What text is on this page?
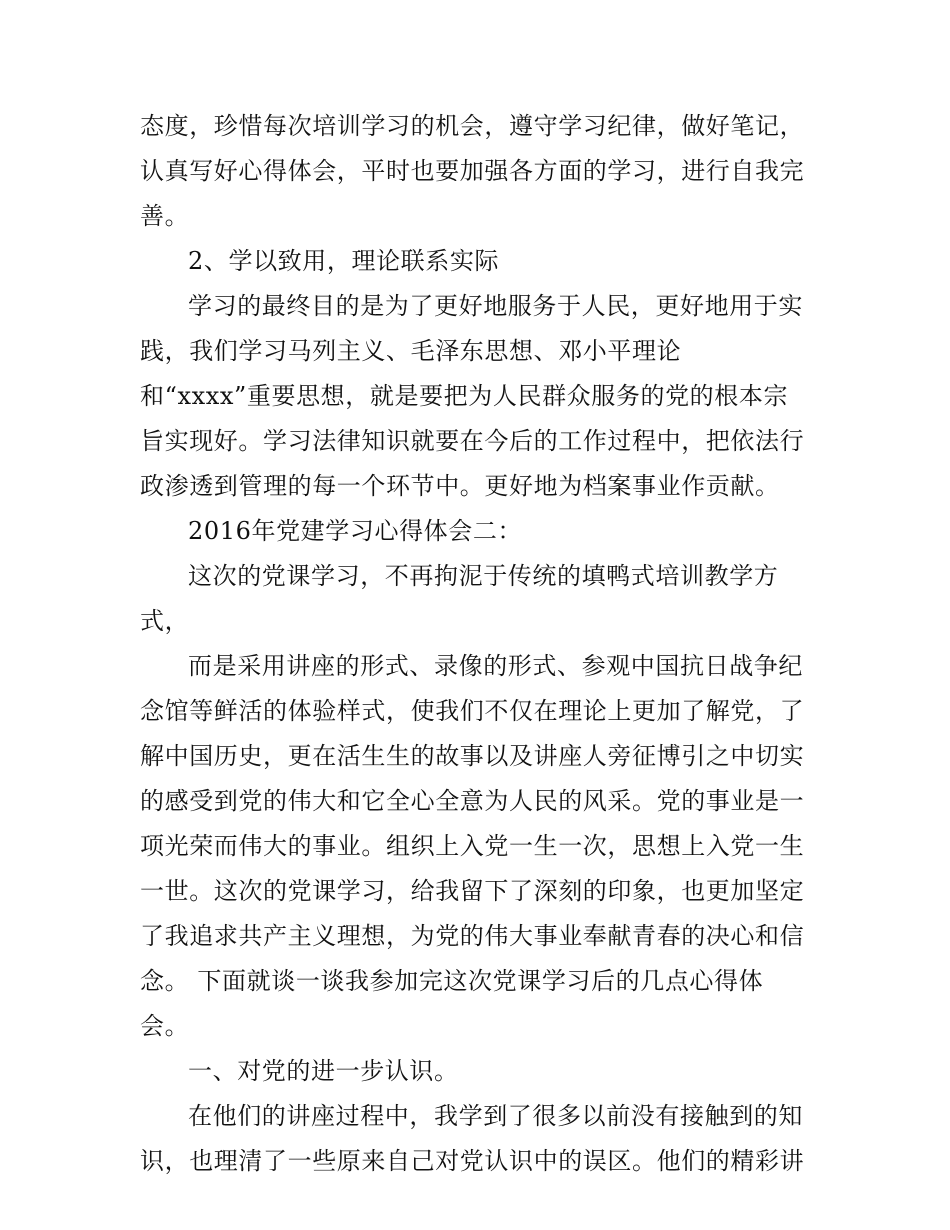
态度，珍惜每次培训学习的机会，遵守学习纪律，做好笔记，
认真写好心得体会，平时也要加强各方面的学习，进行自我完
善。
2、学以致用，理论联系实际
学习的最终目的是为了更好地服务于人民，更好地用于实
践，我们学习马列主义、毛泽东思想、邓小平理论
和“xxxx”重要思想，就是要把为人民群众服务的党的根本宗
旨实现好。学习法律知识就要在今后的工作过程中，把依法行
政渗透到管理的每一个环节中。更好地为档案事业作贡献。
2016年党建学习心得体会二：
这次的党课学习，不再拘泥于传统的填鸭式培训教学方
式，
而是采用讲座的形式、录像的形式、参观中国抗日战争纪
念馆等鲜活的体验样式，使我们不仅在理论上更加了解党，了
解中国历史，更在活生生的故事以及讲座人旁征博引之中切实
的感受到党的伟大和它全心全意为人民的风采。党的事业是一
项光荣而伟大的事业。组织上入党一生一次，思想上入党一生
一世。这次的党课学习，给我留下了深刻的印象，也更加坚定
了我追求共产主义理想，为党的伟大事业奉献青春的决心和信
念。 下面就谈一谈我参加完这次党课学习后的几点心得体
会。
一、对党的进一步认识。
在他们的讲座过程中，我学到了很多以前没有接触到的知
识，也理清了一些原来自己对党认识中的误区。他们的精彩讲
